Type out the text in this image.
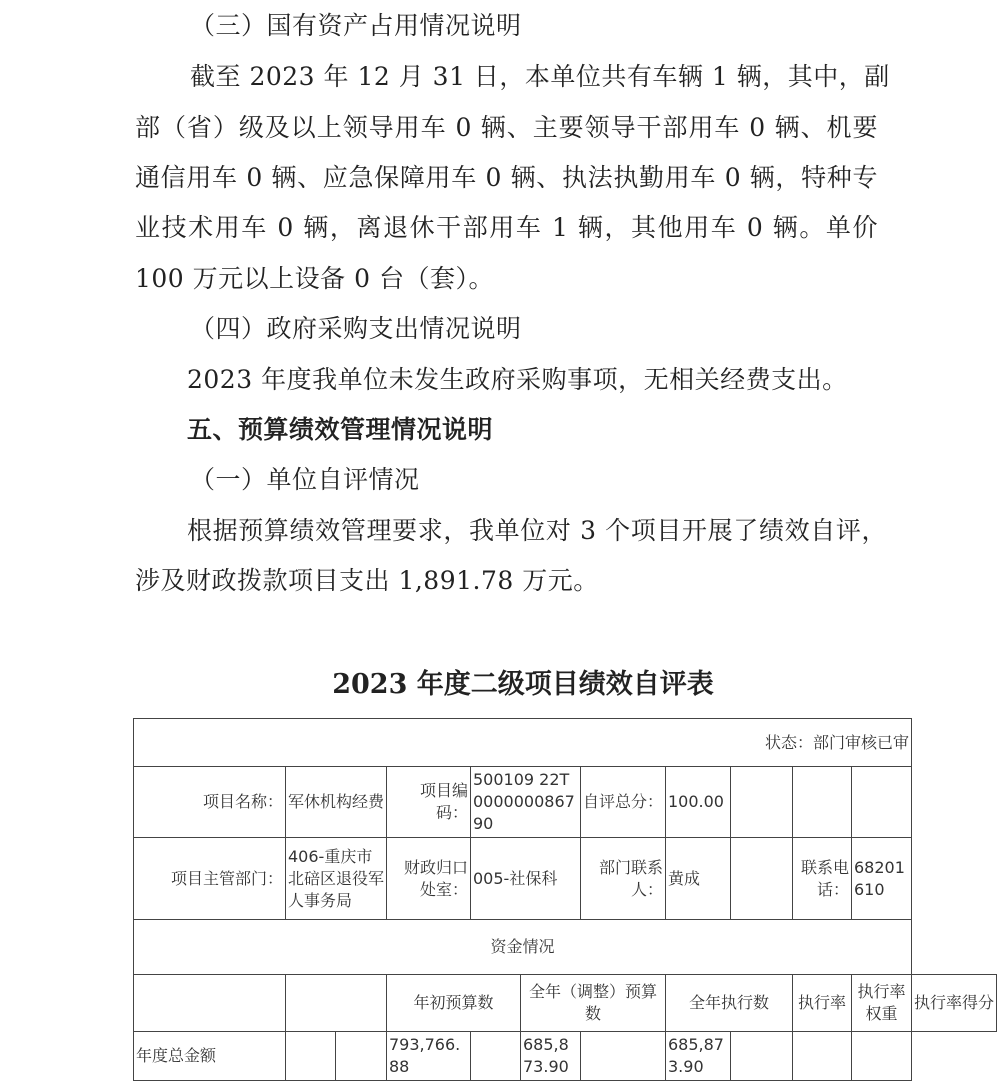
（三）国有资产占用情况说明
截至 2023 年 12 月 31 日，本单位共有车辆 1 辆，其中，副
部（省）级及以上领导用车 0 辆、主要领导干部用车 0 辆、机要
通信用车 0 辆、应急保障用车 0 辆、执法执勤用车 0 辆，特种专
业技术用车 0 辆，离退休干部用车 1 辆，其他用车 0 辆。单价
100 万元以上设备 0 台（套）。
（四）政府采购支出情况说明
2023 年度我单位未发生政府采购事项，无相关经费支出。
五、预算绩效管理情况说明
（一）单位自评情况
根据预算绩效管理要求，我单位对 3 个项目开展了绩效自评，
涉及财政拨款项目支出 1,891.78 万元。
2023 年度二级项目绩效自评表
状态：部门审核已审											
项目名称：	军休机构经费		项目编码：	500109 22T000000086790		自评总分：	100.00				
项目主管部门：	406-重庆市北碚区退役军人事务局		财政归口处室：	005-社保科		部门联系人：	黄成		联系电话：	68201610	
资金情况											
			年初预算数		全年（调整）预算数		全年执行数		执行率	执行率权重	执行率得分
年度总金额			793,766.88		685,873.90		685,873.90				
